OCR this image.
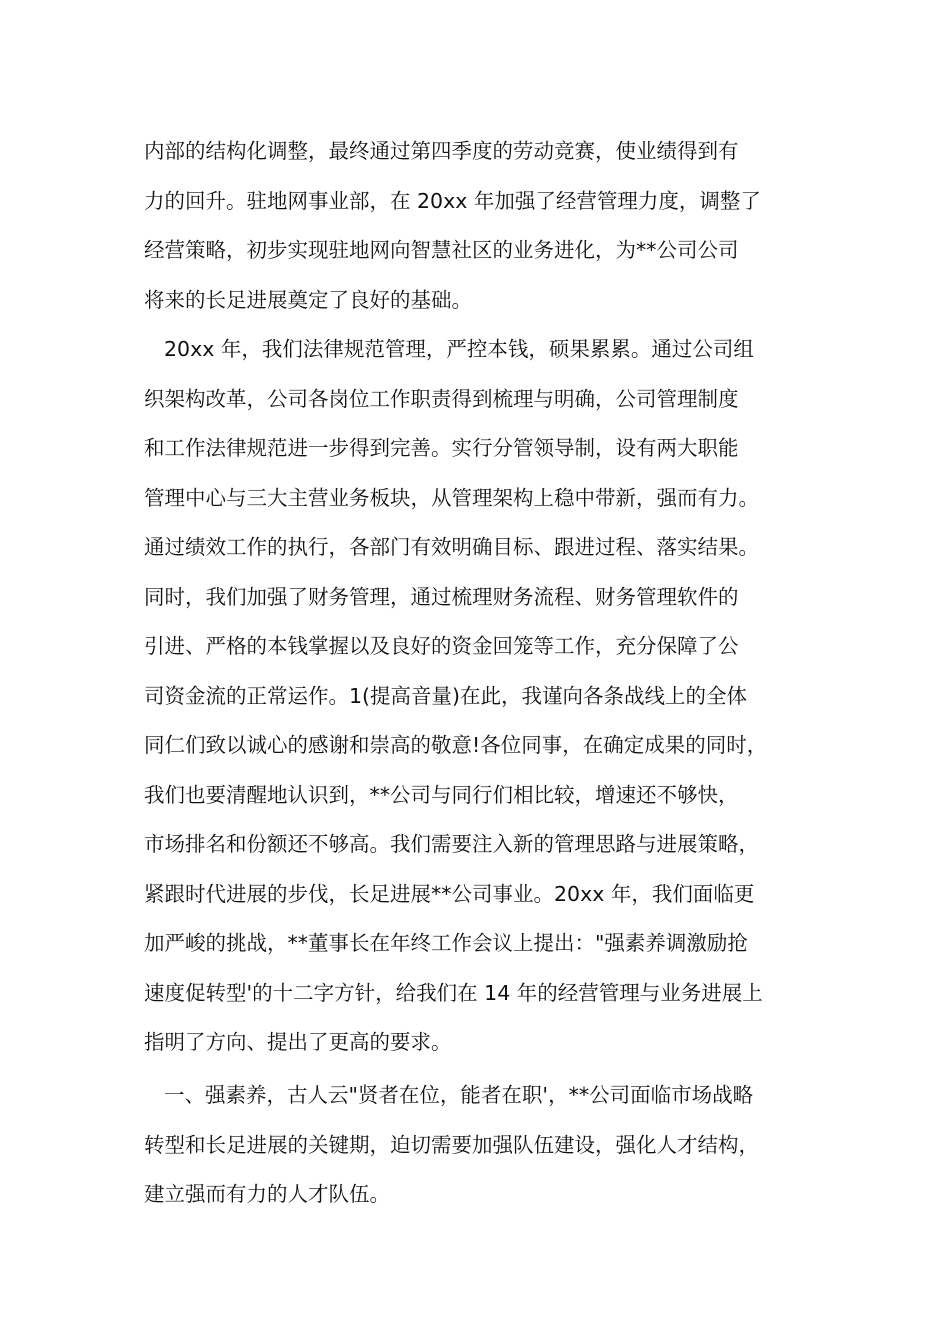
内部的结构化调整，最终通过第四季度的劳动竞赛，使业绩得到有
力的回升。驻地网事业部，在 20xx 年加强了经营管理力度，调整了
经营策略，初步实现驻地网向智慧社区的业务进化，为**公司公司
将来的长足进展奠定了良好的基础。
20xx 年，我们法律规范管理，严控本钱，硕果累累。通过公司组
织架构改革，公司各岗位工作职责得到梳理与明确，公司管理制度
和工作法律规范进一步得到完善。实行分管领导制，设有两大职能
管理中心与三大主营业务板块，从管理架构上稳中带新，强而有力。
通过绩效工作的执行，各部门有效明确目标、跟进过程、落实结果。
同时，我们加强了财务管理，通过梳理财务流程、财务管理软件的
引进、严格的本钱掌握以及良好的资金回笼等工作，充分保障了公
司资金流的正常运作。1(提高音量)在此，我谨向各条战线上的全体
同仁们致以诚心的感谢和崇高的敬意!各位同事，在确定成果的同时，
我们也要清醒地认识到，**公司与同行们相比较，增速还不够快，
市场排名和份额还不够高。我们需要注入新的管理思路与进展策略，
紧跟时代进展的步伐，长足进展**公司事业。20xx 年，我们面临更
加严峻的挑战，**董事长在年终工作会议上提出："强素养调激励抢
速度促转型'的十二字方针，给我们在 14 年的经营管理与业务进展上
指明了方向、提出了更高的要求。
一、强素养，古人云"贤者在位，能者在职'，**公司面临市场战略
转型和长足进展的关键期，迫切需要加强队伍建设，强化人才结构，
建立强而有力的人才队伍。
